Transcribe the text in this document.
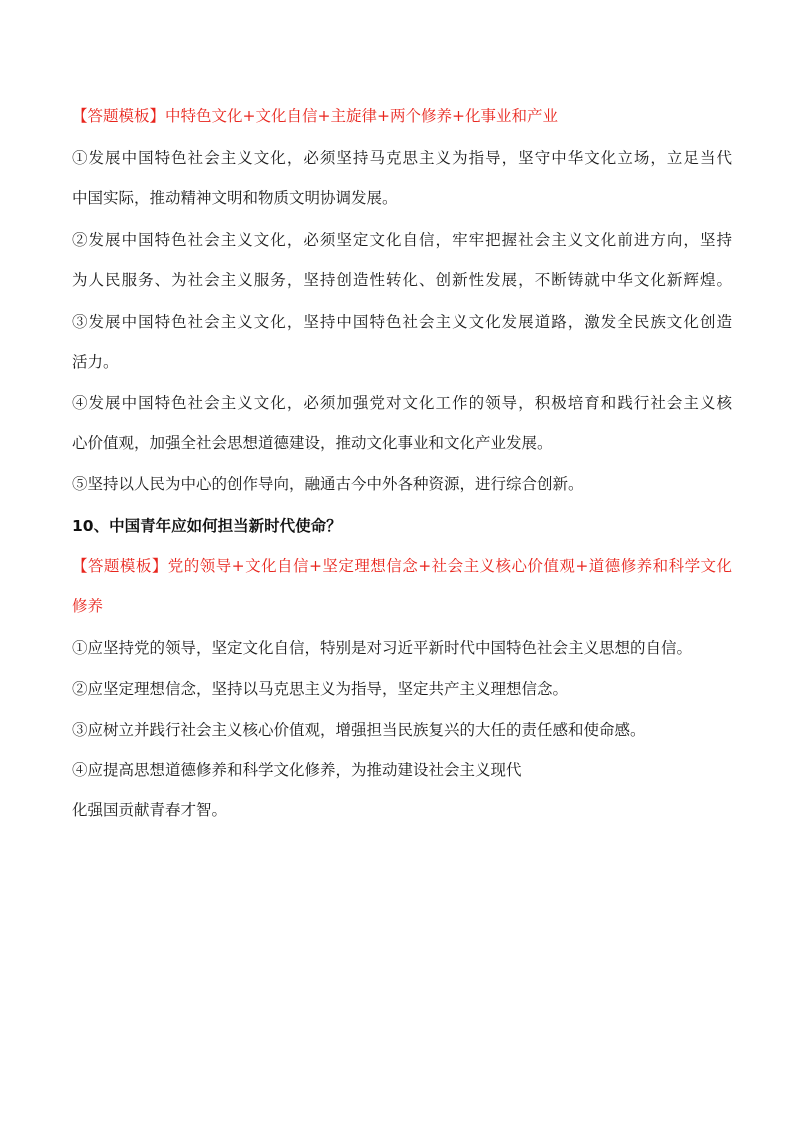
【答题模板】中特色文化+文化自信+主旋律+两个修养+化事业和产业
①发展中国特色社会主义文化，必须坚持马克思主义为指导，坚守中华文化立场，立足当代
中国实际，推动精神文明和物质文明协调发展。
②发展中国特色社会主义文化，必须坚定文化自信，牢牢把握社会主义文化前进方向，坚持
为人民服务、为社会主义服务，坚持创造性转化、创新性发展，不断铸就中华文化新辉煌。
③发展中国特色社会主义文化，坚持中国特色社会主义文化发展道路，激发全民族文化创造
活力。
④发展中国特色社会主义文化，必须加强党对文化工作的领导，积极培育和践行社会主义核
心价值观，加强全社会思想道德建设，推动文化事业和文化产业发展。
⑤坚持以人民为中心的创作导向，融通古今中外各种资源，进行综合创新。
10、中国青年应如何担当新时代使命？
【答题模板】党的领导+文化自信+坚定理想信念+社会主义核心价值观+道德修养和科学文化
修养
①应坚持党的领导，坚定文化自信，特别是对习近平新时代中国特色社会主义思想的自信。
②应坚定理想信念，坚持以马克思主义为指导，坚定共产主义理想信念。
③应树立并践行社会主义核心价值观，增强担当民族复兴的大任的责任感和使命感。
④应提高思想道德修养和科学文化修养，为推动建设社会主义现代
化强国贡献青春才智。
